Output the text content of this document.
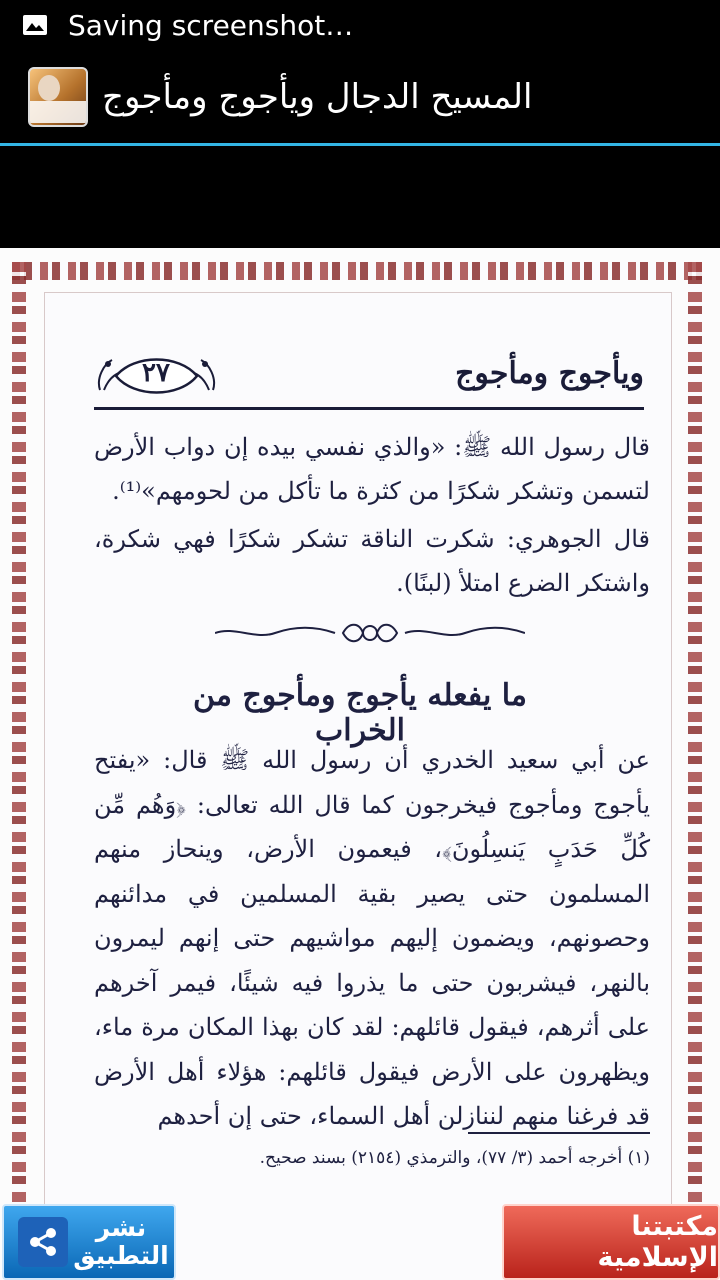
Saving screenshot…
المسيح الدجال ويأجوج ومأجوج
٢٧	ويأجوج ومأجوج
قال رسول الله ﷺ: «والذي نفسي بيده إن دواب الأرض لتسمن وتشكر شكرًا من كثرة ما تأكل من لحومهم»⁽¹⁾.
قال الجوهري: شكرت الناقة تشكر شكرًا فهي شكرة، واشتكر الضرع امتلأ (لبنًا).
ما يفعله يأجوج ومأجوج من الخراب
عن أبي سعيد الخدري أن رسول الله ﷺ قال: «يفتح يأجوج ومأجوج فيخرجون كما قال الله تعالى: ﴿وَهُم مِّن كُلِّ حَدَبٍ يَنسِلُونَ﴾، فيعمون الأرض، وينحاز منهم المسلمون حتى يصير بقية المسلمين في مدائنهم وحصونهم، ويضمون إليهم مواشيهم حتى إنهم ليمرون بالنهر، فيشربون حتى ما يذروا فيه شيئًا، فيمر آخرهم على أثرهم، فيقول قائلهم: لقد كان بهذا المكان مرة ماء، ويظهرون على الأرض فيقول قائلهم: هؤلاء أهل الأرض قد فرغنا منهم لننازلن أهل السماء، حتى إن أحدهم
(١) أخرجه أحمد (٣/ ٧٧)، والترمذي (٢١٥٤) بسند صحيح.
نشر التطبيق
مكتبتنا الإسلامية
